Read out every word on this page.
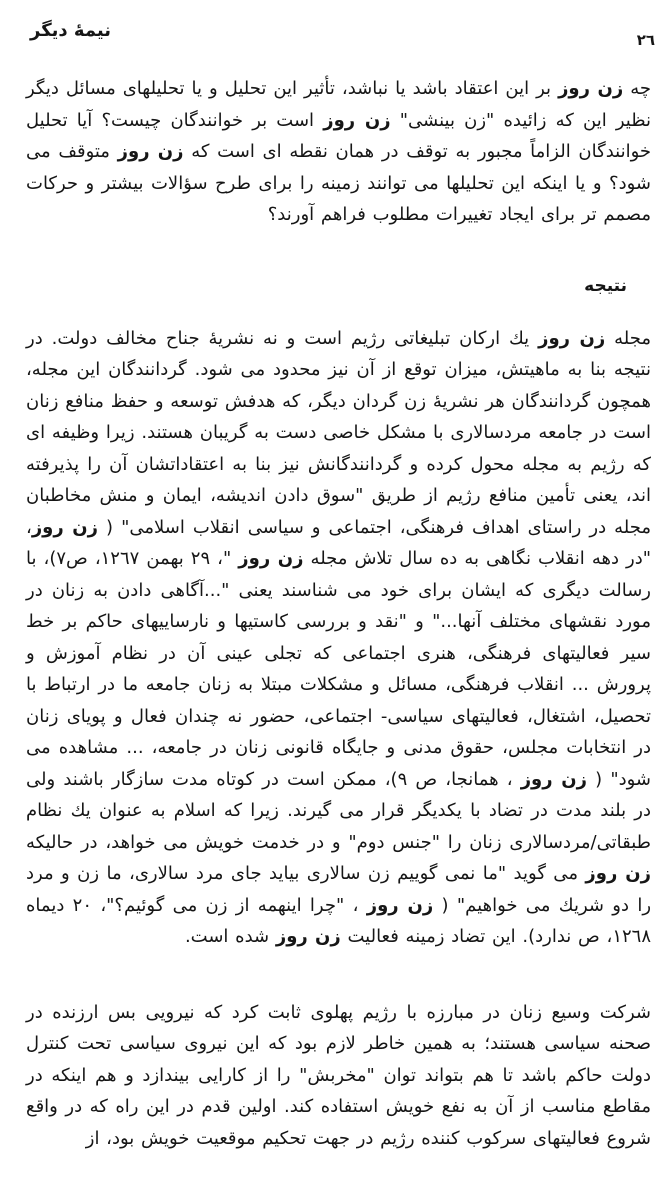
٢٦
نیمهٔ دیگر

چه زن روز بر این اعتقاد باشد یا نباشد، تأثیر این تحلیل و یا تحلیلهای مسائل دیگر نظیر این که زائیده "زن بینشی" زن روز است بر خوانندگان چیست؟ آیا تحلیل خوانندگان الزاماً مجبور به توقف در همان نقطه ای است که زن روز متوقف می شود؟ و یا اینکه این تحلیلها می توانند زمینه را برای طرح سؤالات بیشتر و حرکات مصمم تر برای ایجاد تغییرات مطلوب فراهم آورند؟

نتیجه

مجله زن روز یك ارکان تبلیغاتی رژیم است و نه نشریهٔ جناح مخالف دولت. در نتیجه بنا به ماهیتش، میزان توقع از آن نیز محدود می شود. گردانندگان این مجله، همچون گردانندگان هر نشریهٔ زن گردان دیگر، که هدفش توسعه و حفظ منافع زنان است در جامعه مردسالاری با مشکل خاصی دست به گریبان هستند. زیرا وظیفه ای که رژیم به مجله محول کرده و گردانندگانش نیز بنا به اعتقاداتشان آن را پذیرفته اند، یعنی تأمین منافع رژیم از طریق "سوق دادن اندیشه، ایمان و منش مخاطبان مجله در راستای اهداف فرهنگی، اجتماعی و سیاسی انقلاب اسلامی" ( زن روز، "در دهه انقلاب نگاهی به ده سال تلاش مجله زن روز "، ٢٩ بهمن ١٢٦٧، ص٧)، با رسالت دیگری که ایشان برای خود می شناسند یعنی "...آگاهی دادن به زنان در مورد نقشهای مختلف آنها..." و "نقد و بررسی کاستیها و نارساییهای حاکم بر خط سیر فعالیتهای فرهنگی، هنری اجتماعی که تجلی عینی آن در نظام آموزش و پرورش ... انقلاب فرهنگی، مسائل و مشکلات مبتلا به زنان جامعه ما در ارتباط با تحصیل، اشتغال، فعالیتهای سیاسی- اجتماعی، حضور نه چندان فعال و پویای زنان در انتخابات مجلس، حقوق مدنی و جایگاه قانونی زنان در جامعه، ... مشاهده می شود" ( زن روز ، همانجا، ص ٩)، ممکن است در کوتاه مدت سازگار باشند ولی در بلند مدت در تضاد با یکدیگر قرار می گیرند. زیرا که اسلام به عنوان یك نظام طبقاتی/مردسالاری زنان را "جنس دوم" و در خدمت خویش می خواهد، در حالیکه زن روز می گوید "ما نمی گوییم زن سالاری بیاید جای مرد سالاری، ما زن و مرد را دو شریك می خواهیم" ( زن روز ، "چرا اینهمه از زن می گوئیم؟"، ٢٠ دیماه ١٢٦٨، ص ندارد). این تضاد زمینه فعالیت زن روز شده است.

شرکت وسیع زنان در مبارزه با رژیم پهلوی ثابت کرد که نیرویی بس ارزنده در صحنه سیاسی هستند؛ به همین خاطر لازم بود که این نیروی سیاسی تحت کنترل دولت حاکم باشد تا هم بتواند توان "مخربش" را از کارایی بیندازد و هم اینکه در مقاطع مناسب از آن به نفع خویش استفاده کند. اولین قدم در این راه که در واقع شروع فعالیتهای سرکوب کننده رژیم در جهت تحکیم موقعیت خویش بود، از
